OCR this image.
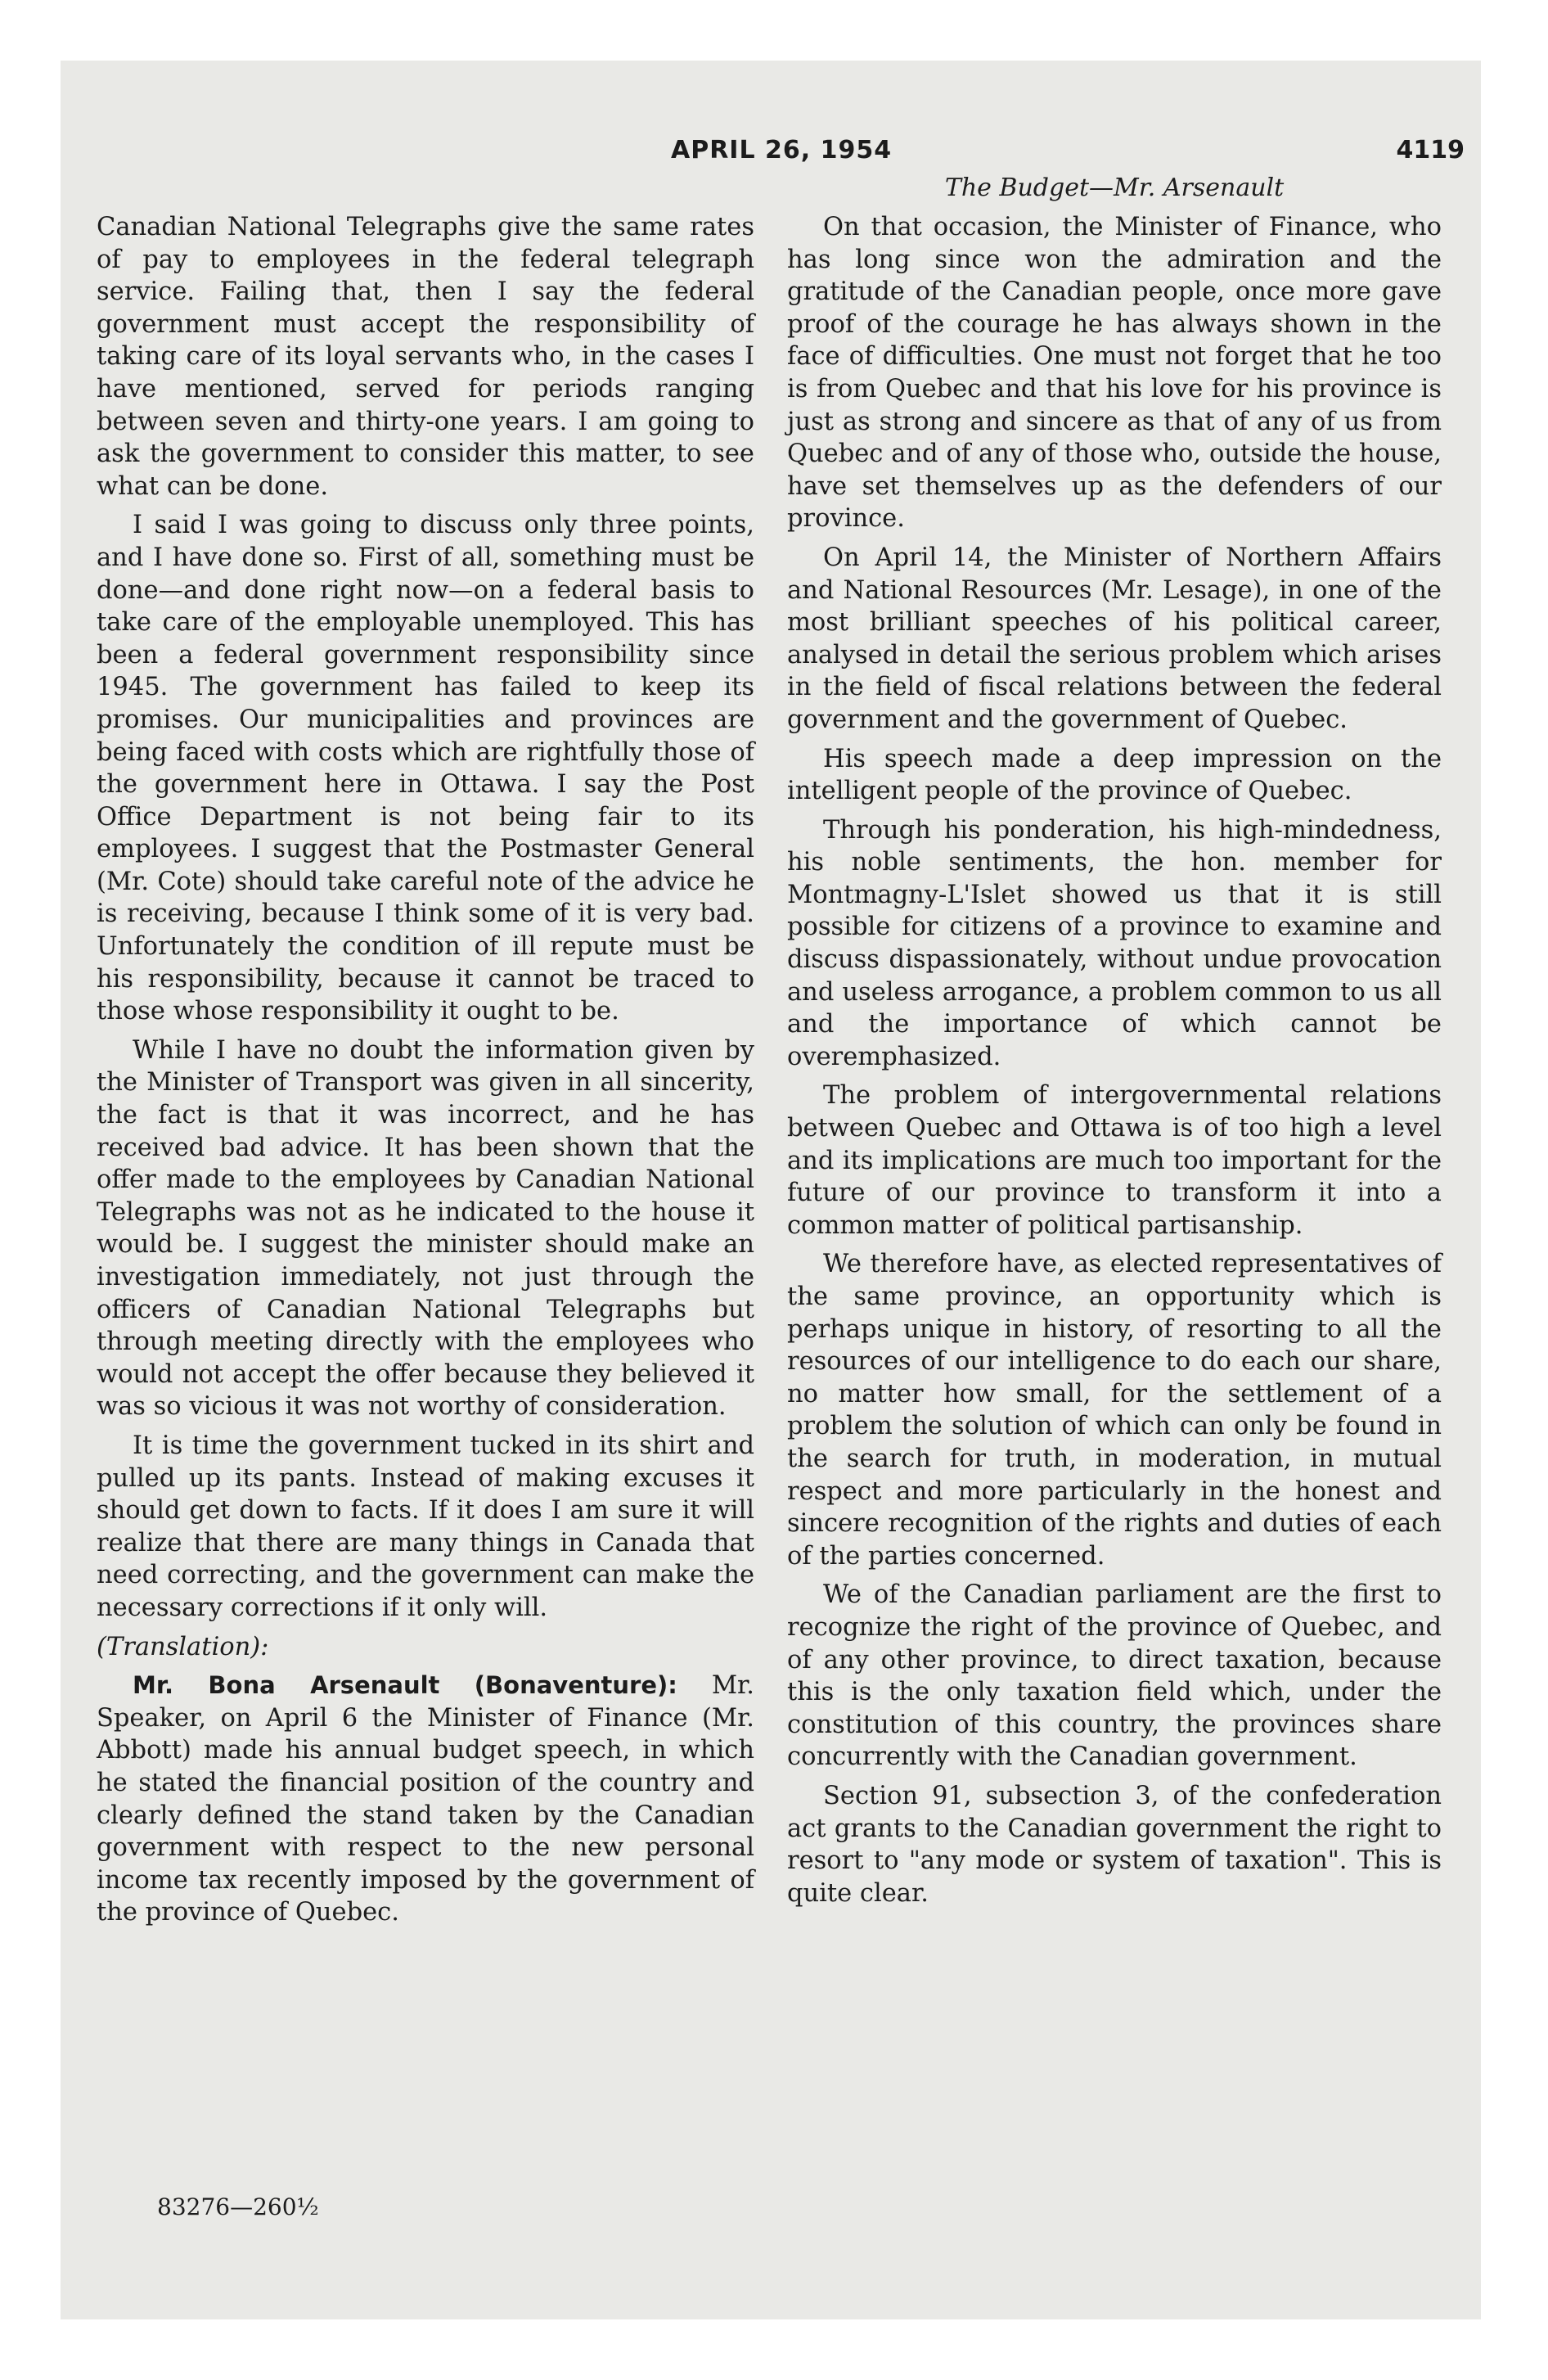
APRIL 26, 1954	4119
The Budget—Mr. Arsenault

Canadian National Telegraphs give the same rates of pay to employees in the federal telegraph service. Failing that, then I say the federal government must accept the responsibility of taking care of its loyal servants who, in the cases I have mentioned, served for periods ranging between seven and thirty-one years. I am going to ask the government to consider this matter, to see what can be done.

I said I was going to discuss only three points, and I have done so. First of all, something must be done—and done right now—on a federal basis to take care of the employable unemployed. This has been a federal government responsibility since 1945. The government has failed to keep its promises. Our municipalities and provinces are being faced with costs which are rightfully those of the government here in Ottawa. I say the Post Office Department is not being fair to its employees. I suggest that the Postmaster General (Mr. Cote) should take careful note of the advice he is receiving, because I think some of it is very bad. Unfortunately the condition of ill repute must be his responsibility, because it cannot be traced to those whose responsibility it ought to be.

While I have no doubt the information given by the Minister of Transport was given in all sincerity, the fact is that it was incorrect, and he has received bad advice. It has been shown that the offer made to the employees by Canadian National Telegraphs was not as he indicated to the house it would be. I suggest the minister should make an investigation immediately, not just through the officers of Canadian National Telegraphs but through meeting directly with the employees who would not accept the offer because they believed it was so vicious it was not worthy of consideration.

It is time the government tucked in its shirt and pulled up its pants. Instead of making excuses it should get down to facts. If it does I am sure it will realize that there are many things in Canada that need correcting, and the government can make the necessary corrections if it only will.

(Translation):

Mr. Bona Arsenault (Bonaventure): Mr. Speaker, on April 6 the Minister of Finance (Mr. Abbott) made his annual budget speech, in which he stated the financial position of the country and clearly defined the stand taken by the Canadian government with respect to the new personal income tax recently imposed by the government of the province of Quebec.

83276—260½

On that occasion, the Minister of Finance, who has long since won the admiration and the gratitude of the Canadian people, once more gave proof of the courage he has always shown in the face of difficulties. One must not forget that he too is from Quebec and that his love for his province is just as strong and sincere as that of any of us from Quebec and of any of those who, outside the house, have set themselves up as the defenders of our province.

On April 14, the Minister of Northern Affairs and National Resources (Mr. Lesage), in one of the most brilliant speeches of his political career, analysed in detail the serious problem which arises in the field of fiscal relations between the federal government and the government of Quebec.

His speech made a deep impression on the intelligent people of the province of Quebec.

Through his ponderation, his high-mindedness, his noble sentiments, the hon. member for Montmagny-L'Islet showed us that it is still possible for citizens of a province to examine and discuss dispassionately, without undue provocation and useless arrogance, a problem common to us all and the importance of which cannot be overemphasized.

The problem of intergovernmental relations between Quebec and Ottawa is of too high a level and its implications are much too important for the future of our province to transform it into a common matter of political partisanship.

We therefore have, as elected representatives of the same province, an opportunity which is perhaps unique in history, of resorting to all the resources of our intelligence to do each our share, no matter how small, for the settlement of a problem the solution of which can only be found in the search for truth, in moderation, in mutual respect and more particularly in the honest and sincere recognition of the rights and duties of each of the parties concerned.

We of the Canadian parliament are the first to recognize the right of the province of Quebec, and of any other province, to direct taxation, because this is the only taxation field which, under the constitution of this country, the provinces share concurrently with the Canadian government.

Section 91, subsection 3, of the confederation act grants to the Canadian government the right to resort to "any mode or system of taxation". This is quite clear.
